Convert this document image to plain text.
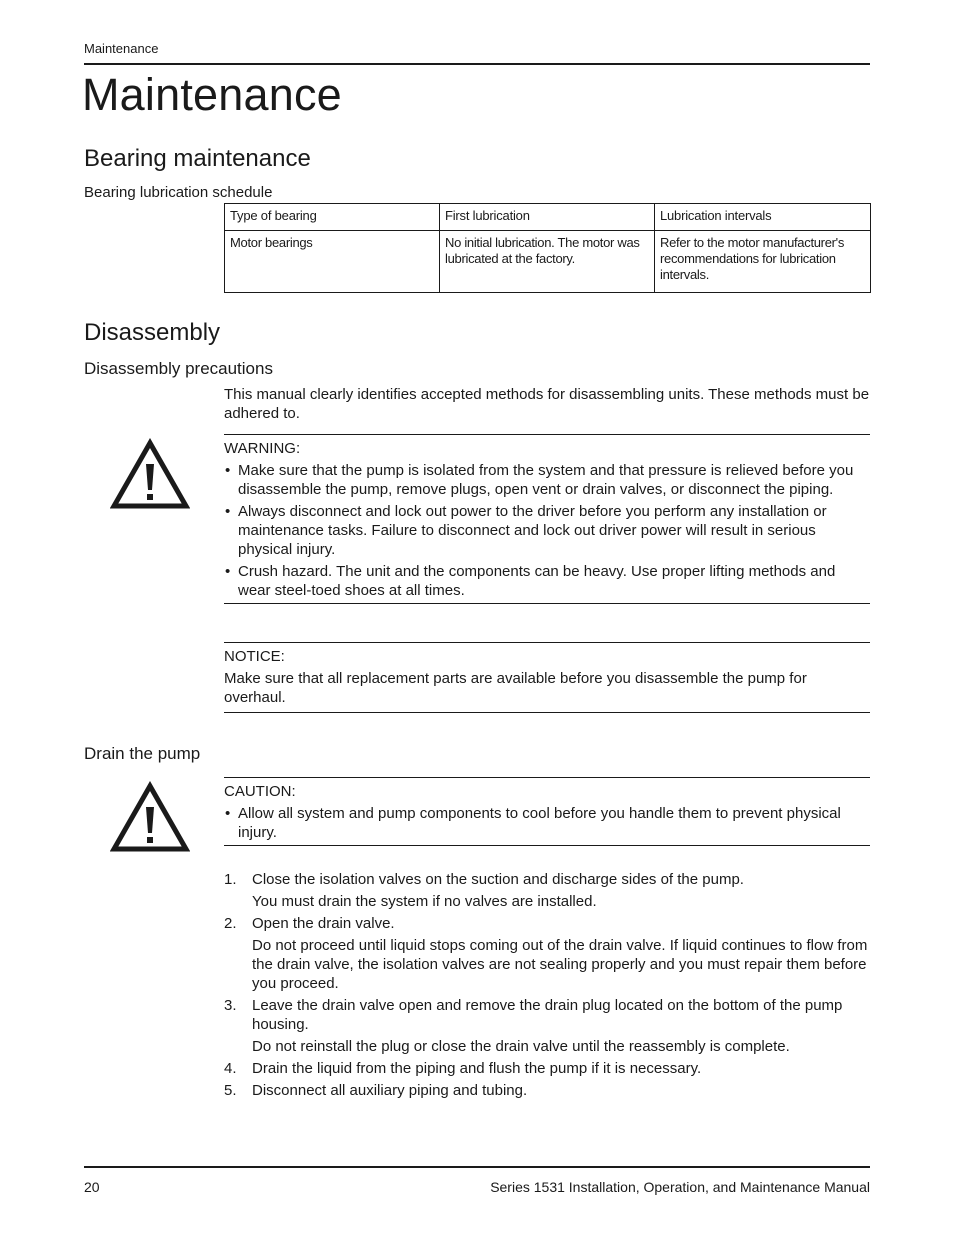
Maintenance
Maintenance
Bearing maintenance
Bearing lubrication schedule
Type of bearing	First lubrication	Lubrication intervals
Motor bearings	No initial lubrication. The motor was lubricated at the factory.	Refer to the motor manufacturer's recommendations for lubrication intervals.
Disassembly
Disassembly precautions

This manual clearly identifies accepted methods for disassembling units. These methods must be adhered to.

WARNING:
• Make sure that the pump is isolated from the system and that pressure is relieved before you disassemble the pump, remove plugs, open vent or drain valves, or disconnect the piping.
• Always disconnect and lock out power to the driver before you perform any installation or maintenance tasks. Failure to disconnect and lock out driver power will result in serious physical injury.
• Crush hazard. The unit and the components can be heavy. Use proper lifting methods and wear steel-toed shoes at all times.
NOTICE:

Make sure that all replacement parts are available before you disassemble the pump for overhaul.

Drain the pump
CAUTION:
• Allow all system and pump components to cool before you handle them to prevent physical injury.
1. Close the isolation valves on the suction and discharge sides of the pump.
You must drain the system if no valves are installed.
2. Open the drain valve.
Do not proceed until liquid stops coming out of the drain valve. If liquid continues to flow from the drain valve, the isolation valves are not sealing properly and you must repair them before you proceed.
3. Leave the drain valve open and remove the drain plug located on the bottom of the pump housing.
Do not reinstall the plug or close the drain valve until the reassembly is complete.
4. Drain the liquid from the piping and flush the pump if it is necessary.
5. Disconnect all auxiliary piping and tubing.
20	Series 1531 Installation, Operation, and Maintenance Manual
